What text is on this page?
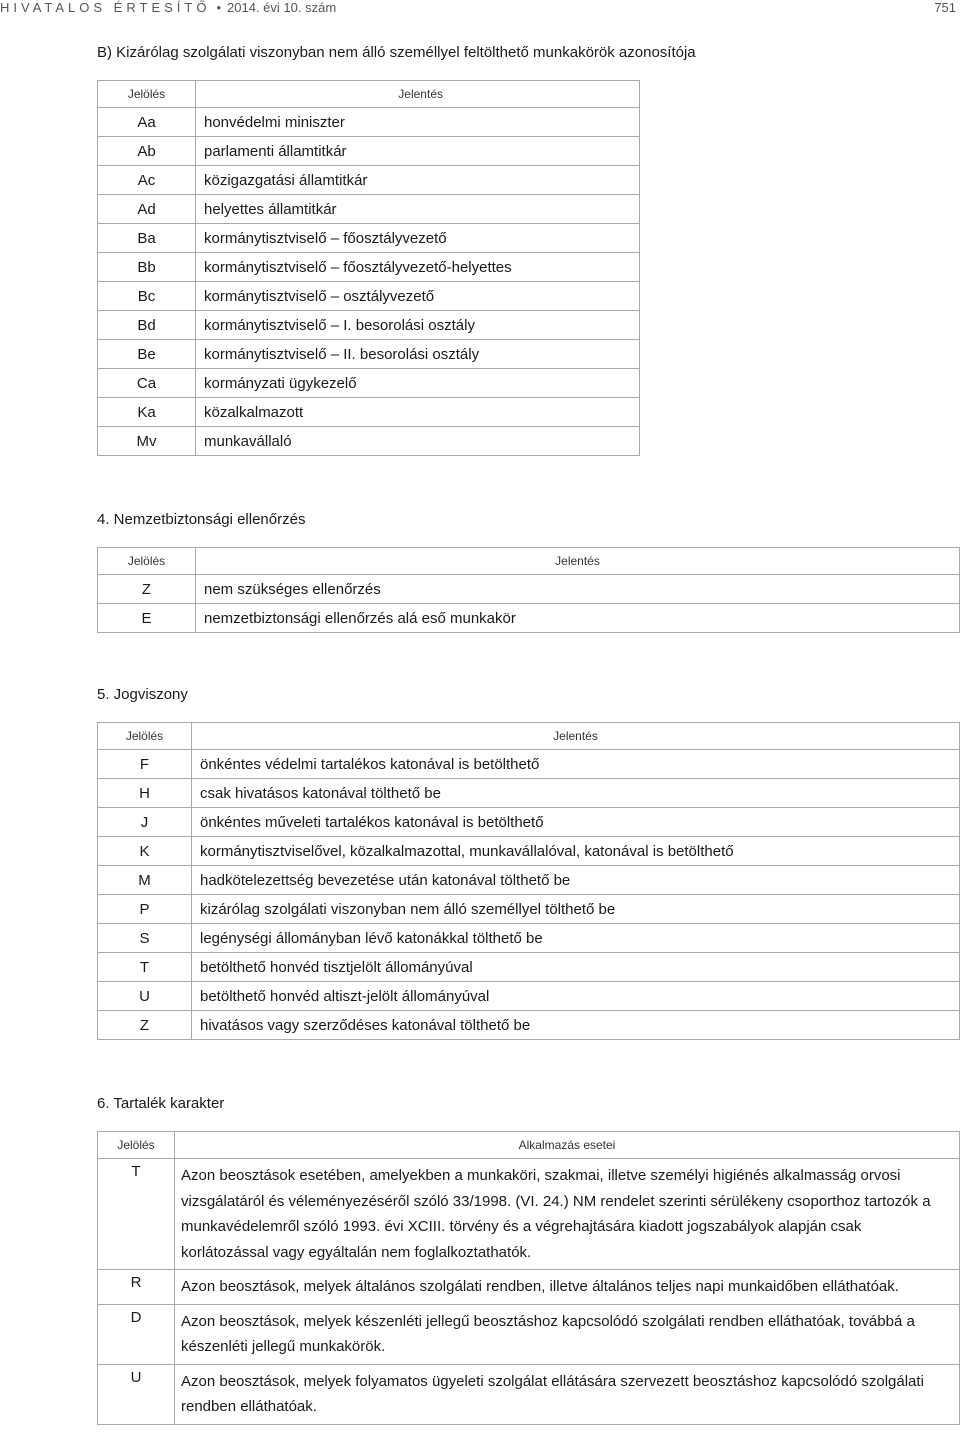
HIVATALOS ÉRTESÍTŐ • 2014. évi 10. szám	751
B) Kizárólag szolgálati viszonyban nem álló személlyel feltölthető munkakörök azonosítója
Jelölés	Jelentés
Aa	honvédelmi miniszter
Ab	parlamenti államtitkár
Ac	közigazgatási államtitkár
Ad	helyettes államtitkár
Ba	kormánytisztviselő – főosztályvezető
Bb	kormánytisztviselő – főosztályvezető-helyettes
Bc	kormánytisztviselő – osztályvezető
Bd	kormánytisztviselő – I. besorolási osztály
Be	kormánytisztviselő – II. besorolási osztály
Ca	kormányzati ügykezelő
Ka	közalkalmazott
Mv	munkavállaló
4. Nemzetbiztonsági ellenőrzés
Jelölés	Jelentés
Z	nem szükséges ellenőrzés
E	nemzetbiztonsági ellenőrzés alá eső munkakör
5. Jogviszony
Jelölés	Jelentés
F	önkéntes védelmi tartalékos katonával is betölthető
H	csak hivatásos katonával tölthető be
J	önkéntes műveleti tartalékos katonával is betölthető
K	kormánytisztviselővel, közalkalmazottal, munkavállalóval, katonával is betölthető
M	hadkötelezettség bevezetése után katonával tölthető be
P	kizárólag szolgálati viszonyban nem álló személlyel tölthető be
S	legénységi állományban lévő katonákkal tölthető be
T	betölthető honvéd tisztjelölt állományúval
U	betölthető honvéd altiszt-jelölt állományúval
Z	hivatásos vagy szerződéses katonával tölthető be
6. Tartalék karakter
Jelölés	Alkalmazás esetei
T	Azon beosztások esetében, amelyekben a munkaköri, szakmai, illetve személyi higiénés alkalmasság orvosi vizsgálatáról és véleményezéséről szóló 33/1998. (VI. 24.) NM rendelet szerinti sérülékeny csoporthoz tartozók a munkavédelemről szóló 1993. évi XCIII. törvény és a végrehajtására kiadott jogszabályok alapján csak korlátozással vagy egyáltalán nem foglalkoztathatók.
R	Azon beosztások, melyek általános szolgálati rendben, illetve általános teljes napi munkaidőben elláthatóak.
D	Azon beosztások, melyek készenléti jellegű beosztáshoz kapcsolódó szolgálati rendben elláthatóak, továbbá a készenléti jellegű munkakörök.
U	Azon beosztások, melyek folyamatos ügyeleti szolgálat ellátására szervezett beosztáshoz kapcsolódó szolgálati rendben elláthatóak.
